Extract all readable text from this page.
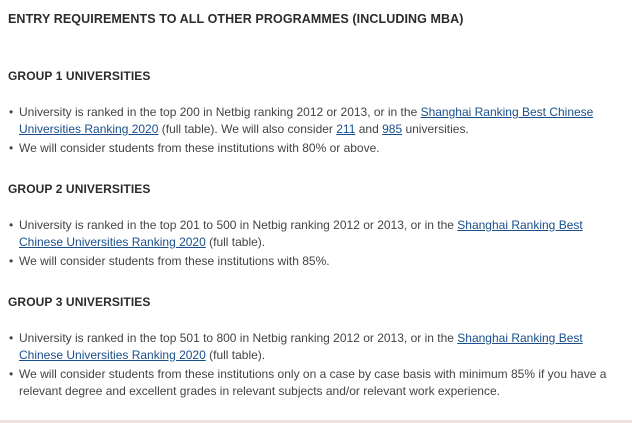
ENTRY REQUIREMENTS TO ALL OTHER PROGRAMMES (INCLUDING MBA)
GROUP 1 UNIVERSITIES
• University is ranked in the top 200 in Netbig ranking 2012 or 2013, or in the Shanghai Ranking Best Chinese Universities Ranking 2020 (full table). We will also consider 211 and 985 universities.
• We will consider students from these institutions with 80% or above.
GROUP 2 UNIVERSITIES
• University is ranked in the top 201 to 500 in Netbig ranking 2012 or 2013, or in the Shanghai Ranking Best Chinese Universities Ranking 2020 (full table).
• We will consider students from these institutions with 85%.
GROUP 3 UNIVERSITIES
• University is ranked in the top 501 to 800 in Netbig ranking 2012 or 2013, or in the Shanghai Ranking Best Chinese Universities Ranking 2020 (full table).
• We will consider students from these institutions only on a case by case basis with minimum 85% if you have a relevant degree and excellent grades in relevant subjects and/or relevant work experience.
